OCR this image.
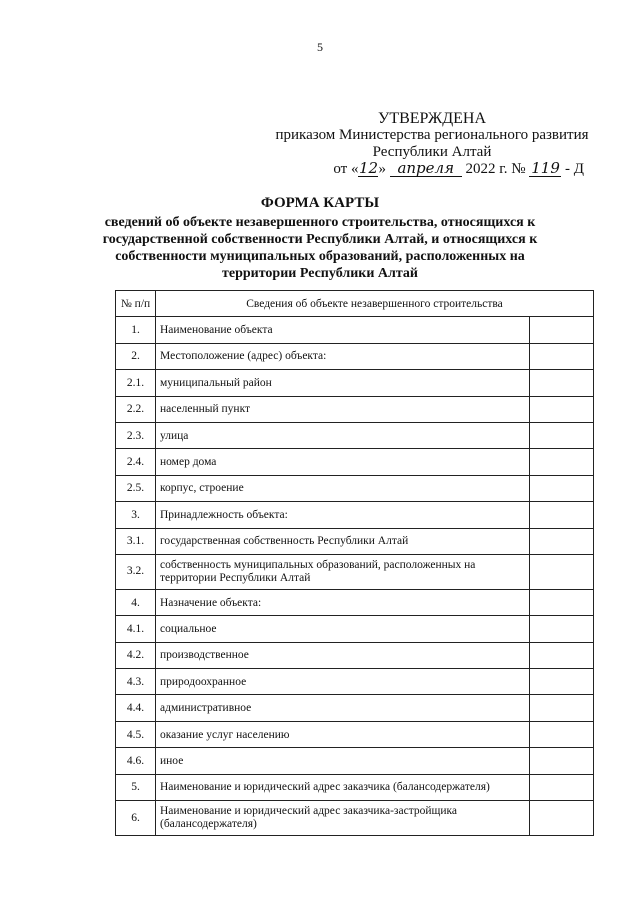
5
УТВЕРЖДЕНА
приказом Министерства регионального развития
Республики Алтай
от «12» апреля 2022 г. № 119 - Д
ФОРМА КАРТЫ
сведений об объекте незавершенного строительства, относящихся к государственной собственности Республики Алтай, и относящихся к собственности муниципальных образований, расположенных на территории Республики Алтай
№ п/п	Сведения об объекте незавершенного строительства	
1.	Наименование объекта	
2.	Местоположение (адрес) объекта:	
2.1.	муниципальный район	
2.2.	населенный пункт	
2.3.	улица	
2.4.	номер дома	
2.5.	корпус, строение	
3.	Принадлежность объекта:	
3.1.	государственная собственность Республики Алтай	
3.2.	собственность муниципальных образований, расположенных на территории Республики Алтай	
4.	Назначение объекта:	
4.1.	социальное	
4.2.	производственное	
4.3.	природоохранное	
4.4.	административное	
4.5.	оказание услуг населению	
4.6.	иное	
5.	Наименование и юридический адрес заказчика (балансодержателя)	
6.	Наименование и юридический адрес заказчика-застройщика (балансодержателя)	
